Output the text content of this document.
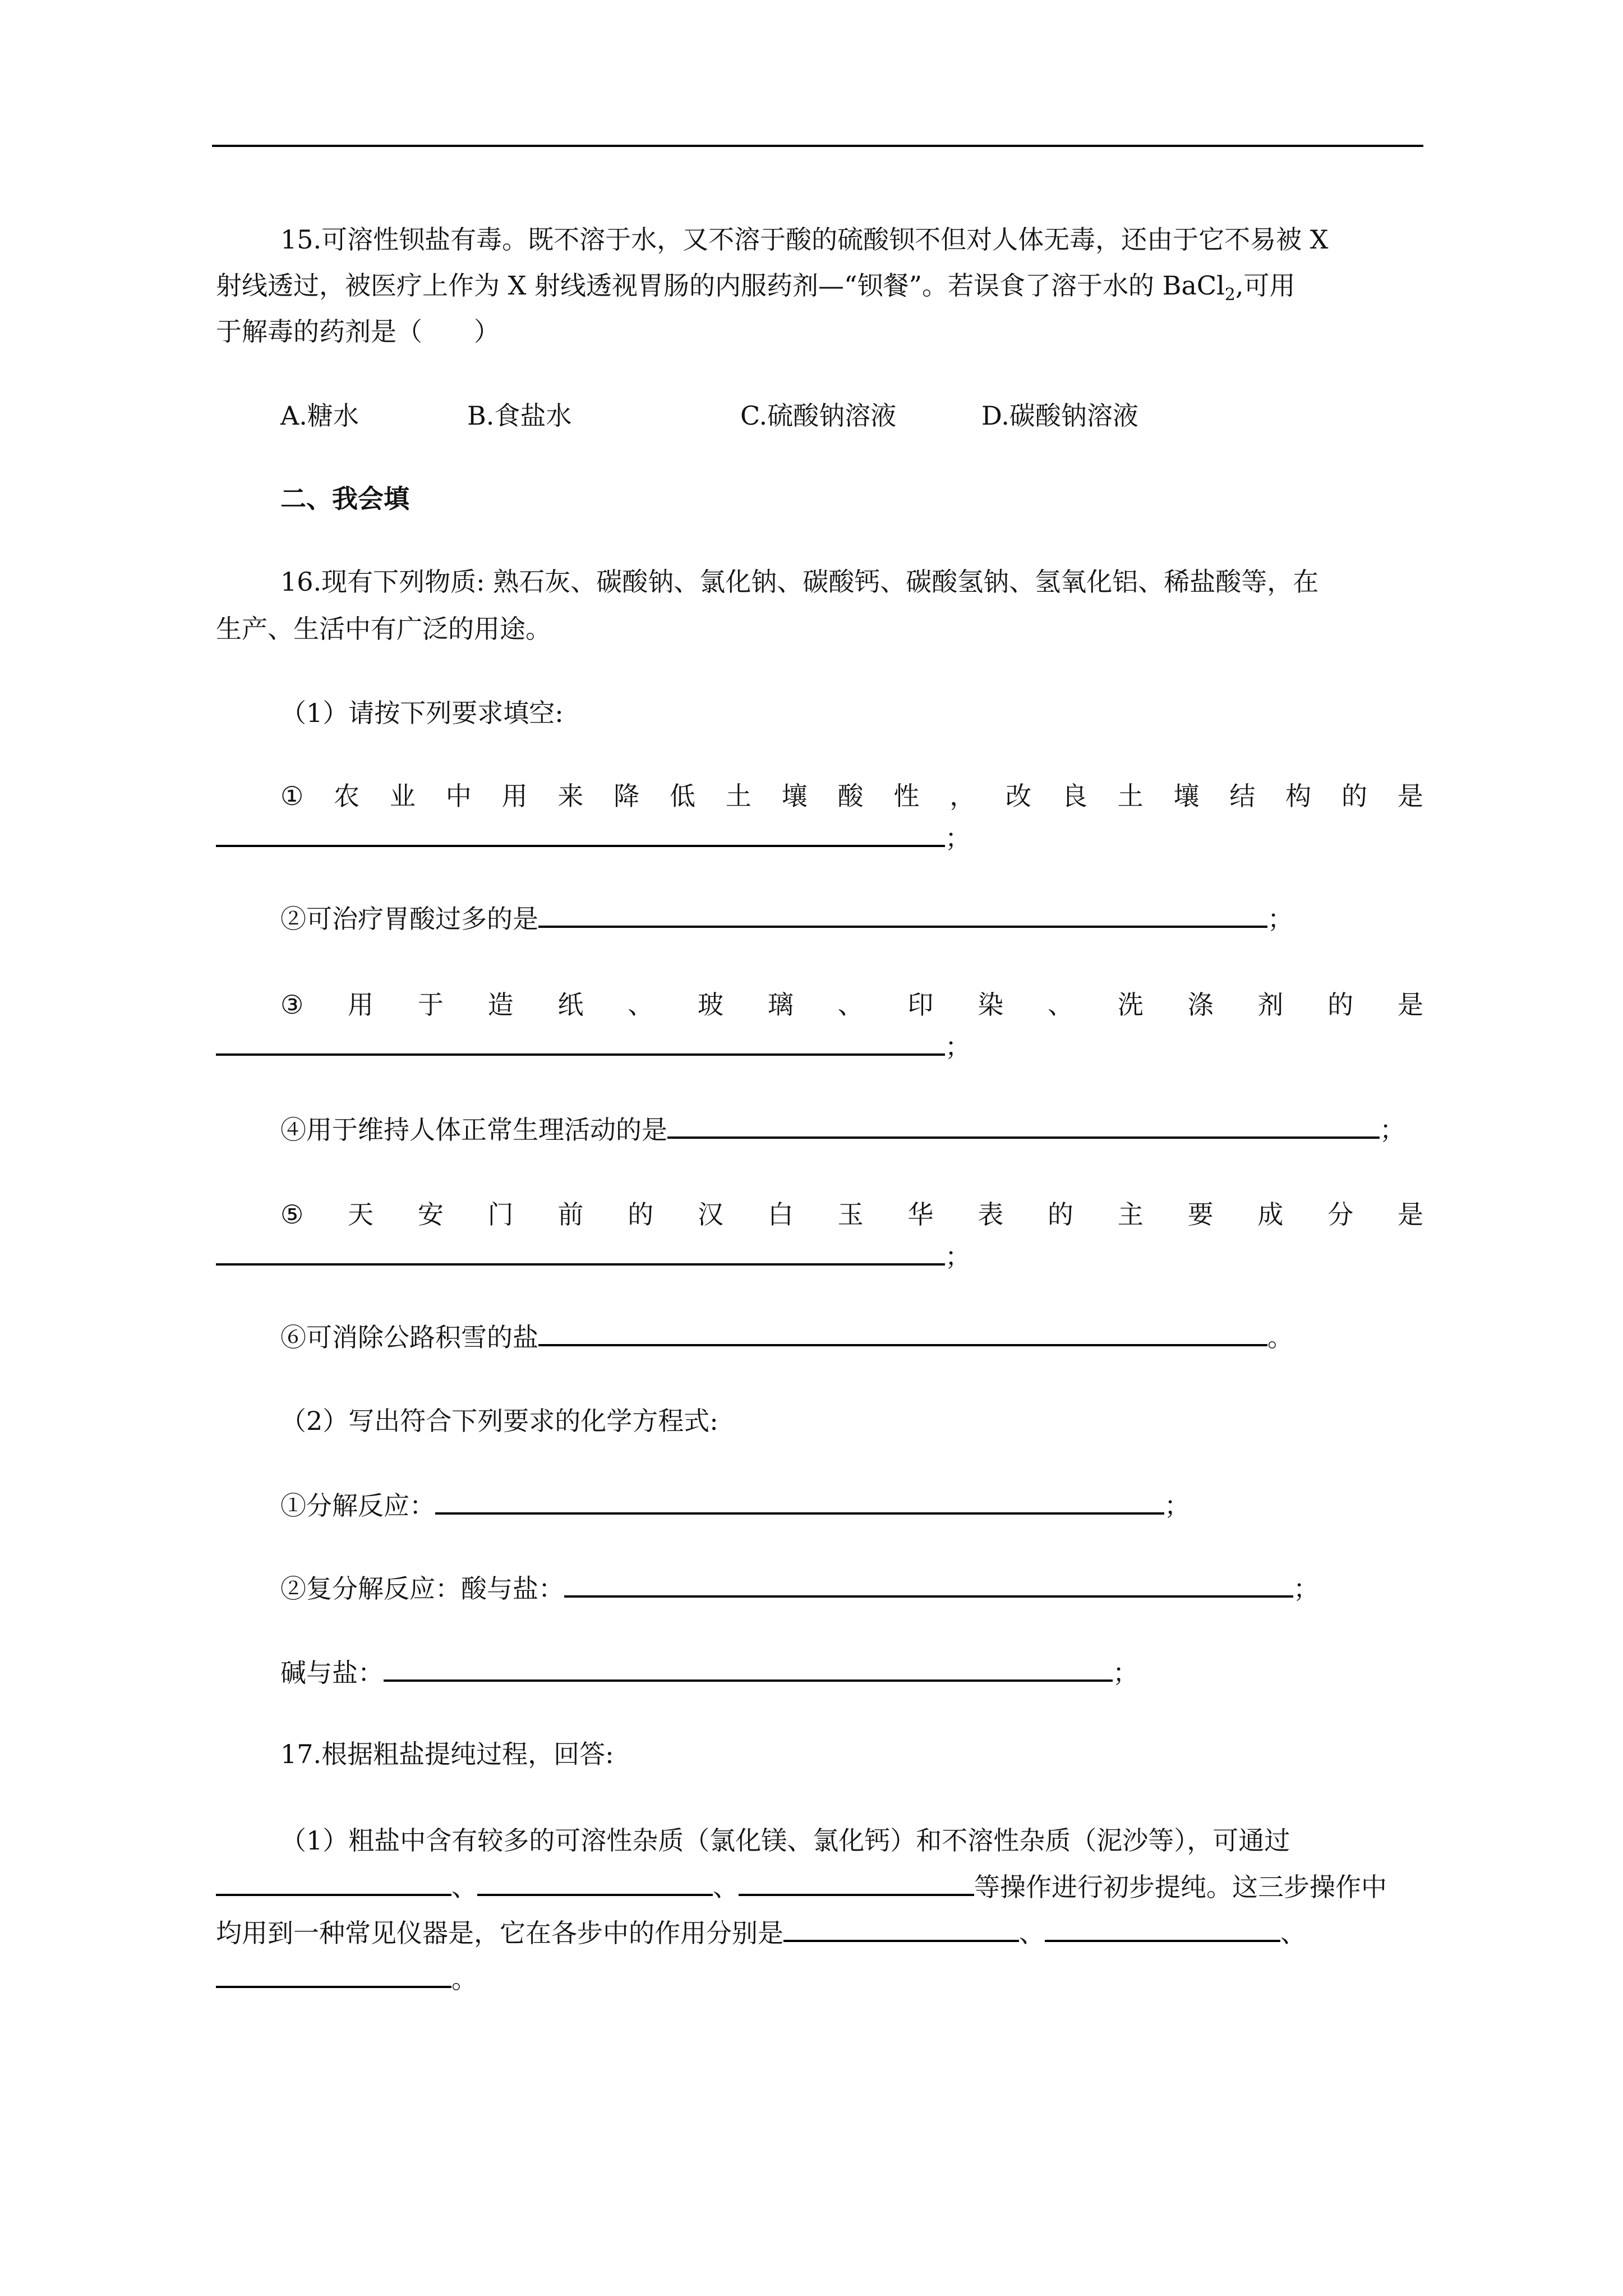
15.可溶性钡盐有毒。既不溶于水，又不溶于酸的硫酸钡不但对人体无毒，还由于它不易被 X
射线透过，被医疗上作为 X 射线透视胃肠的内服药剂—“钡餐”。若误食了溶于水的 BaCl$_2$,可用
于解毒的药剂是（　　）
A.糖水	B.食盐水	C.硫酸钠溶液	D.碳酸钠溶液
二、我会填
16.现有下列物质: 熟石灰、碳酸钠、氯化钠、碳酸钙、碳酸氢钠、氢氧化铝、稀盐酸等，在
生产、生活中有广泛的用途。
（1）请按下列要求填空:
① 农 业 中 用 来 降 低 土 壤 酸 性 ， 改 良 土 壤 结 构 的 是
；
②可治疗胃酸过多的是	；
③ 用 于 造 纸 、 玻 璃 、 印 染 、 洗 涤 剂 的 是
；
④用于维持人体正常生理活动的是	；
⑤ 天 安 门 前 的 汉 白 玉 华 表 的 主 要 成 分 是
；
⑥可消除公路积雪的盐	。
（2）写出符合下列要求的化学方程式:
①分解反应：	；
②复分解反应：酸与盐：	；
碱与盐：	；
17.根据粗盐提纯过程，回答:
（1）粗盐中含有较多的可溶性杂质（氯化镁、氯化钙）和不溶性杂质（泥沙等），可通过
、	、	等操作进行初步提纯。这三步操作中
均用到一种常见仪器是，它在各步中的作用分别是	、	、
。
